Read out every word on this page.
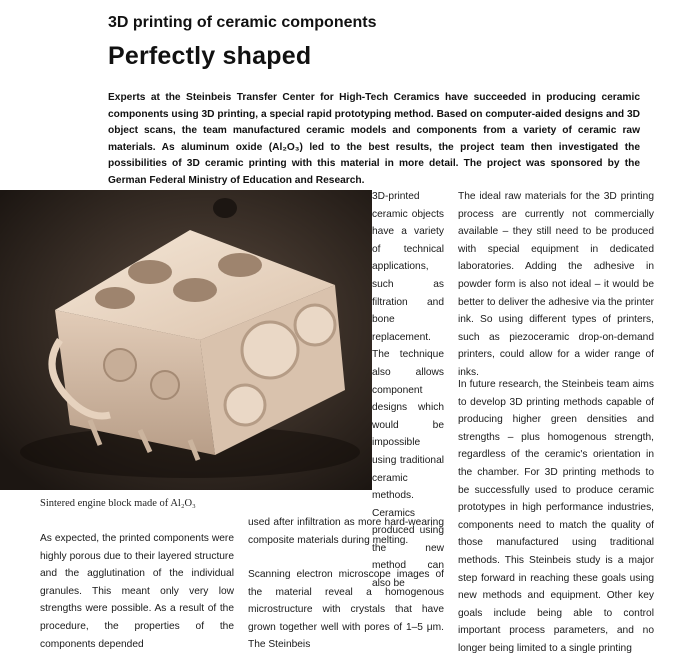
3D printing of ceramic components
Perfectly shaped

Experts at the Steinbeis Transfer Center for High-Tech Ceramics have succeeded in producing ceramic components using 3D printing, a special rapid prototyping method. Based on computer-aided designs and 3D object scans, the team manufactured ceramic models and components from a variety of ceramic raw materials. As aluminum oxide (Al₂O₃) led to the best results, the project team then investigated the possibilities of 3D ceramic printing with this material in more detail. The project was sponsored by the German Federal Ministry of Education and Research.

Sintered engine block made of Al₂O₃

3D-printed ceramic objects have a variety of technical applications, such as filtration and bone replacement. The technique also allows component designs which would be impossible using traditional ceramic methods. Ceramics produced using the new method can also be

used after infiltration as more hard-wearing composite materials during melting.

Scanning electron microscope images of the material reveal a homogenous microstructure with crystals that have grown together well with pores of 1–5 μm. The Steinbeis

As expected, the printed components were highly porous due to their layered structure and the agglutination of the individual granules. This meant only very low strengths were possible. As a result of the procedure, the properties of the components depended

The ideal raw materials for the 3D printing process are currently not commercially available – they still need to be produced with special equipment in dedicated laboratories. Adding the adhesive in powder form is also not ideal – it would be better to deliver the adhesive via the printer ink. So using different types of printers, such as piezoceramic drop-on-demand printers, could allow for a wider range of inks.

In future research, the Steinbeis team aims to develop 3D printing methods capable of producing higher green densities and strengths – plus homogenous strength, regardless of the ceramic's orientation in the chamber. For 3D printing methods to be successfully used to produce ceramic prototypes in high performance industries, components need to match the quality of those manufactured using traditional methods. This Steinbeis study is a major step forward in reaching these goals using new methods and equipment. Other key goals include being able to control important process parameters, and no longer being limited to a single printing
